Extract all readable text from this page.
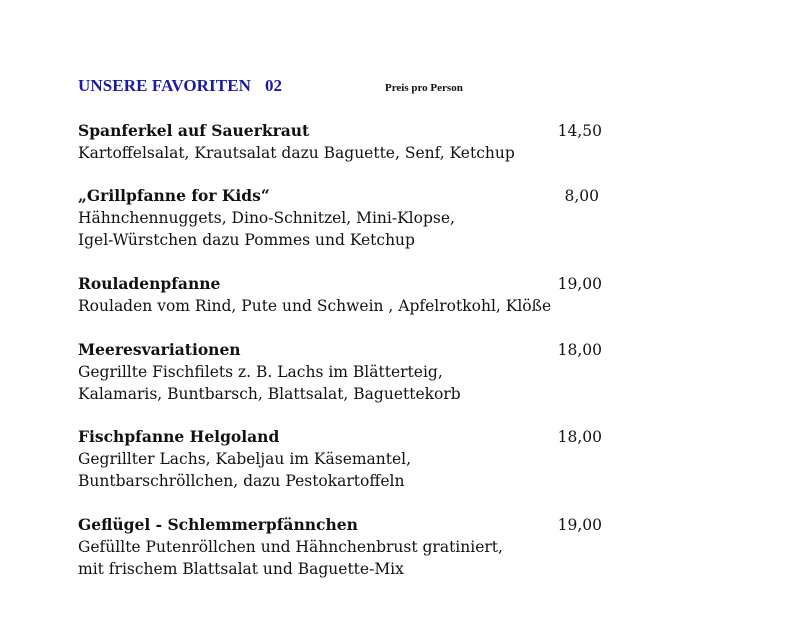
UNSERE FAVORITEN 02	Preis pro Person
Spanferkel auf Sauerkraut	14,50
Kartoffelsalat, Krautsalat dazu Baguette, Senf, Ketchup
„Grillpfanne for Kids“	8,00
Hähnchennuggets, Dino-Schnitzel, Mini-Klopse,
Igel-Würstchen dazu Pommes und Ketchup
Rouladenpfanne	19,00
Rouladen vom Rind, Pute und Schwein , Apfelrotkohl, Klöße
Meeresvariationen	18,00
Gegrillte Fischfilets z. B. Lachs im Blätterteig,
Kalamaris, Buntbarsch, Blattsalat, Baguettekorb
Fischpfanne Helgoland	18,00
Gegrillter Lachs, Kabeljau im Käsemantel,
Buntbarschröllchen, dazu Pestokartoffeln
Geflügel - Schlemmerpfännchen	19,00
Gefüllte Putenröllchen und Hähnchenbrust gratiniert,
mit frischem Blattsalat und Baguette-Mix
